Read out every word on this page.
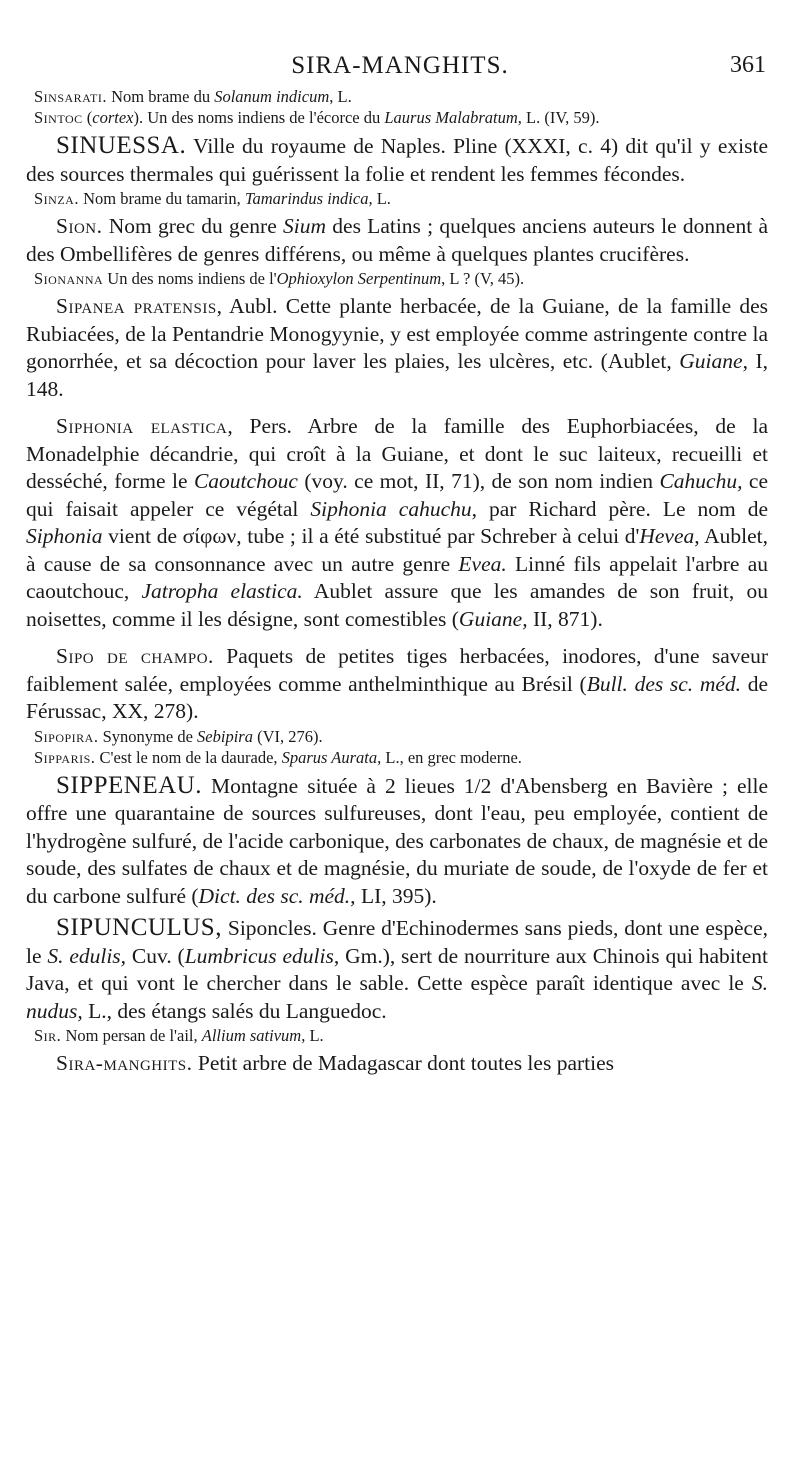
SIRA-MANGHITS.	361

Sinsarati. Nom brame du Solanum indicum, L.

Sintoc (cortex). Un des noms indiens de l'écorce du Laurus Malabratum, L. (IV, 59).

SINUESSA. Ville du royaume de Naples. Pline (XXXI, c. 4) dit qu'il y existe des sources thermales qui guérissent la folie et rendent les femmes fécondes.

Sinza. Nom brame du tamarin, Tamarindus indica, L.

Sion. Nom grec du genre Sium des Latins ; quelques anciens auteurs le donnent à des Ombellifères de genres différens, ou même à quelques plantes crucifères.

Sionanna Un des noms indiens de l'Ophioxylon Serpentinum, L ? (V, 45).

Sipanea pratensis, Aubl. Cette plante herbacée, de la Guiane, de la famille des Rubiacées, de la Pentandrie Monogyynie, y est employée comme astringente contre la gonorrhée, et sa décoction pour laver les plaies, les ulcères, etc. (Aublet, Guiane, I, 148.

Siphonia elastica, Pers. Arbre de la famille des Euphorbiacées, de la Monadelphie décandrie, qui croît à la Guiane, et dont le suc laiteux, recueilli et desséché, forme le Caoutchouc (voy. ce mot, II, 71), de son nom indien Cahuchu, ce qui faisait appeler ce végétal Siphonia cahuchu, par Richard père. Le nom de Siphonia vient de σίφων, tube ; il a été substitué par Schreber à celui d'Hevea, Aublet, à cause de sa consonnance avec un autre genre Evea. Linné fils appelait l'arbre au caoutchouc, Jatropha elastica. Aublet assure que les amandes de son fruit, ou noisettes, comme il les désigne, sont comestibles (Guiane, II, 871).

Sipo de champo. Paquets de petites tiges herbacées, inodores, d'une saveur faiblement salée, employées comme anthelminthique au Brésil (Bull. des sc. méd. de Férussac, XX, 278).

Sipopira. Synonyme de Sebipira (VI, 276).

Sipparis. C'est le nom de la daurade, Sparus Aurata, L., en grec moderne.

SIPPENEAU. Montagne située à 2 lieues 1/2 d'Abensberg en Bavière ; elle offre une quarantaine de sources sulfureuses, dont l'eau, peu employée, contient de l'hydrogène sulfuré, de l'acide carbonique, des carbonates de chaux, de magnésie et de soude, des sulfates de chaux et de magnésie, du muriate de soude, de l'oxyde de fer et du carbone sulfuré (Dict. des sc. méd., LI, 395).

SIPUNCULUS, Siponcles. Genre d'Echinodermes sans pieds, dont une espèce, le S. edulis, Cuv. (Lumbricus edulis, Gm.), sert de nourriture aux Chinois qui habitent Java, et qui vont le chercher dans le sable. Cette espèce paraît identique avec le S. nudus, L., des étangs salés du Languedoc.

Sir. Nom persan de l'ail, Allium sativum, L.

Sira-manghits. Petit arbre de Madagascar dont toutes les parties
